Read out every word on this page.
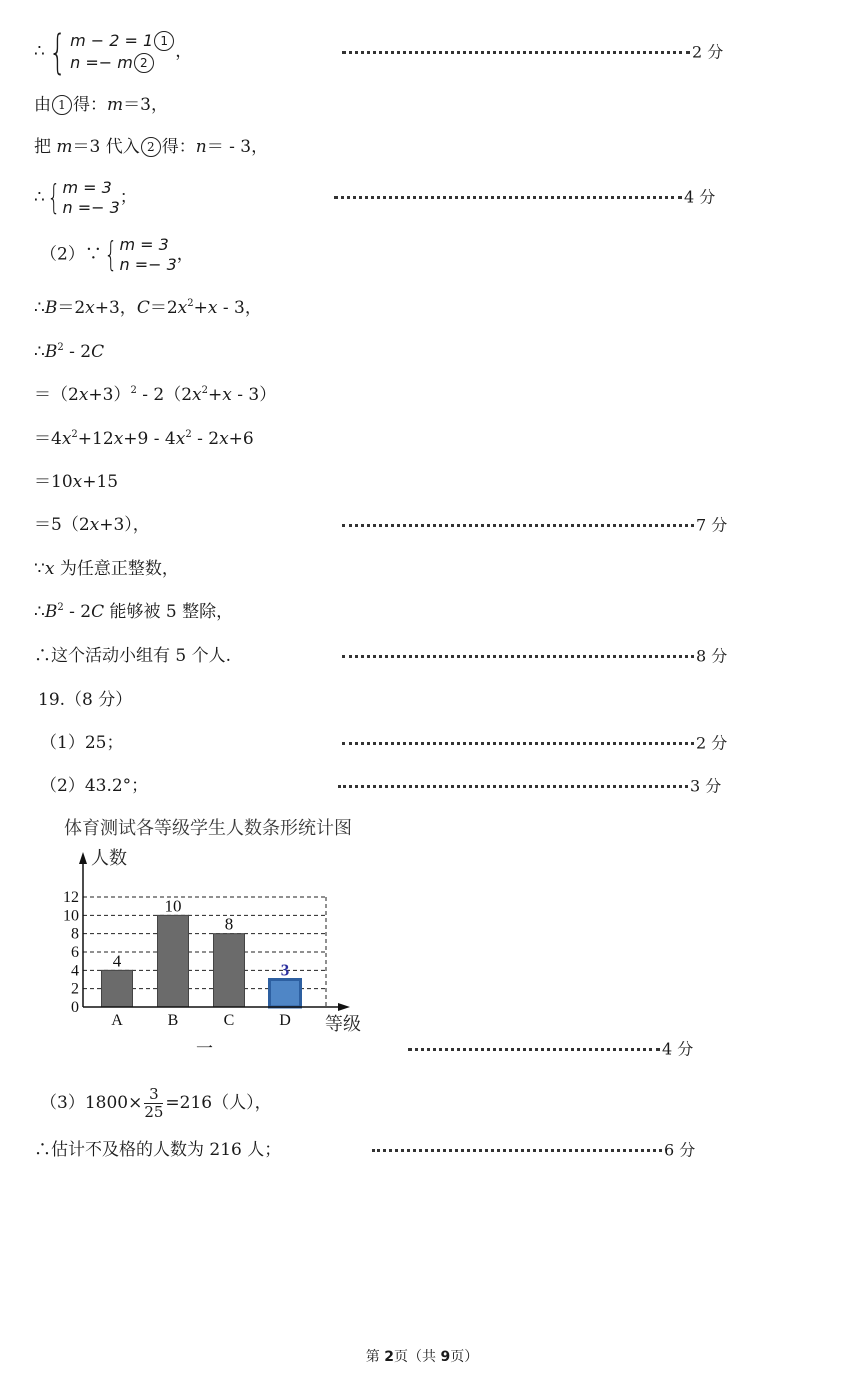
∴{ m − 2 = 1 1
n =− m 2
，	2 分
由 1 得：m＝3，
把 m＝3 代入 2 得：n＝ - 3，
∴{ m = 3
n =− 3 ；	4 分
（2）∵{ m = 3
n =− 3 ，
∴B＝2x+3，$C=2x^2+x - 3$，
$\therefore B^2 - 2C$
$=(2x+3)^2 - 2(2x^2+x - 3)$
$=4x^2+12x+9 - 4x^2 - 2x+6$
＝10x+15
＝5（2x+3），	7 分
∵x 为任意正整数，
$\therefore B^2 - 2C$ 能够被 5 整除，
∴这个活动小组有 5 个人.	8 分
19.（8 分）
（1）25；	2 分
（2）43.2°；	3 分
体育测试各等级学生人数条形统计图
0
2
4
6
8
10
12
4
A
10
B
8
C
3
D
人数
等级
一	4 分
$(3)1800\times \frac{3}{25} =216$（人），
∴估计不及格的人数为 216 人；	6 分
第 2页（共 9页）
